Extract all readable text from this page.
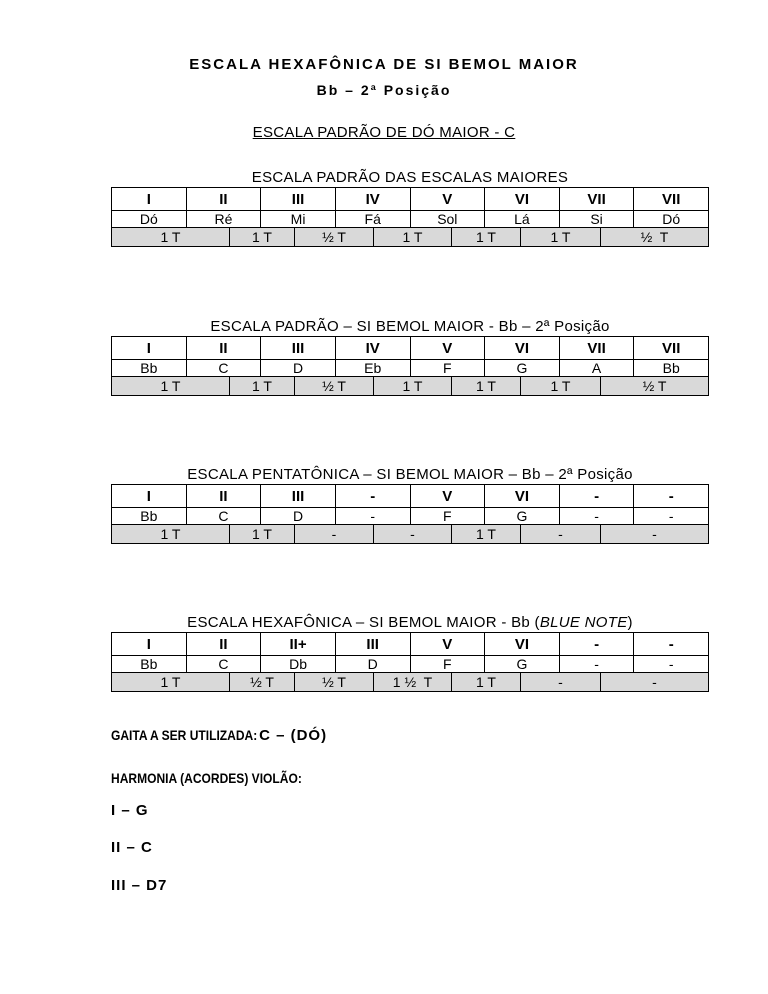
ESCALA HEXAFÔNICA DE SI BEMOL MAIOR
Bb – 2ª Posição
ESCALA PADRÃO DE DÓ MAIOR - C
ESCALA PADRÃO DAS ESCALAS MAIORES
I	II	III	IV	V	VI	VII	VII
Dó	Ré	Mi	Fá	Sol	Lá	Si	Dó
1 T	1 T	½ T	1 T	1 T	1 T	½  T
ESCALA PADRÃO – SI BEMOL MAIOR - Bb – 2ª Posição
I	II	III	IV	V	VI	VII	VII
Bb	C	D	Eb	F	G	A	Bb
1 T	1 T	½ T	1 T	1 T	1 T	½ T
ESCALA PENTATÔNICA – SI BEMOL MAIOR – Bb – 2ª Posição
I	II	III	-	V	VI	-	-
Bb	C	D	-	F	G	-	-
1 T	1 T	-	-	1 T	-	-
ESCALA HEXAFÔNICA – SI BEMOL MAIOR - Bb (BLUE NOTE)
I	II	II+	III	V	VI	-	-
Bb	C	Db	D	F	G	-	-
1 T	½ T	½ T	1 ½  T	1 T	-	-
GAITA A SER UTILIZADA: C – (DÓ)
HARMONIA (ACORDES) VIOLÃO:
I – G
II – C
III – D7
